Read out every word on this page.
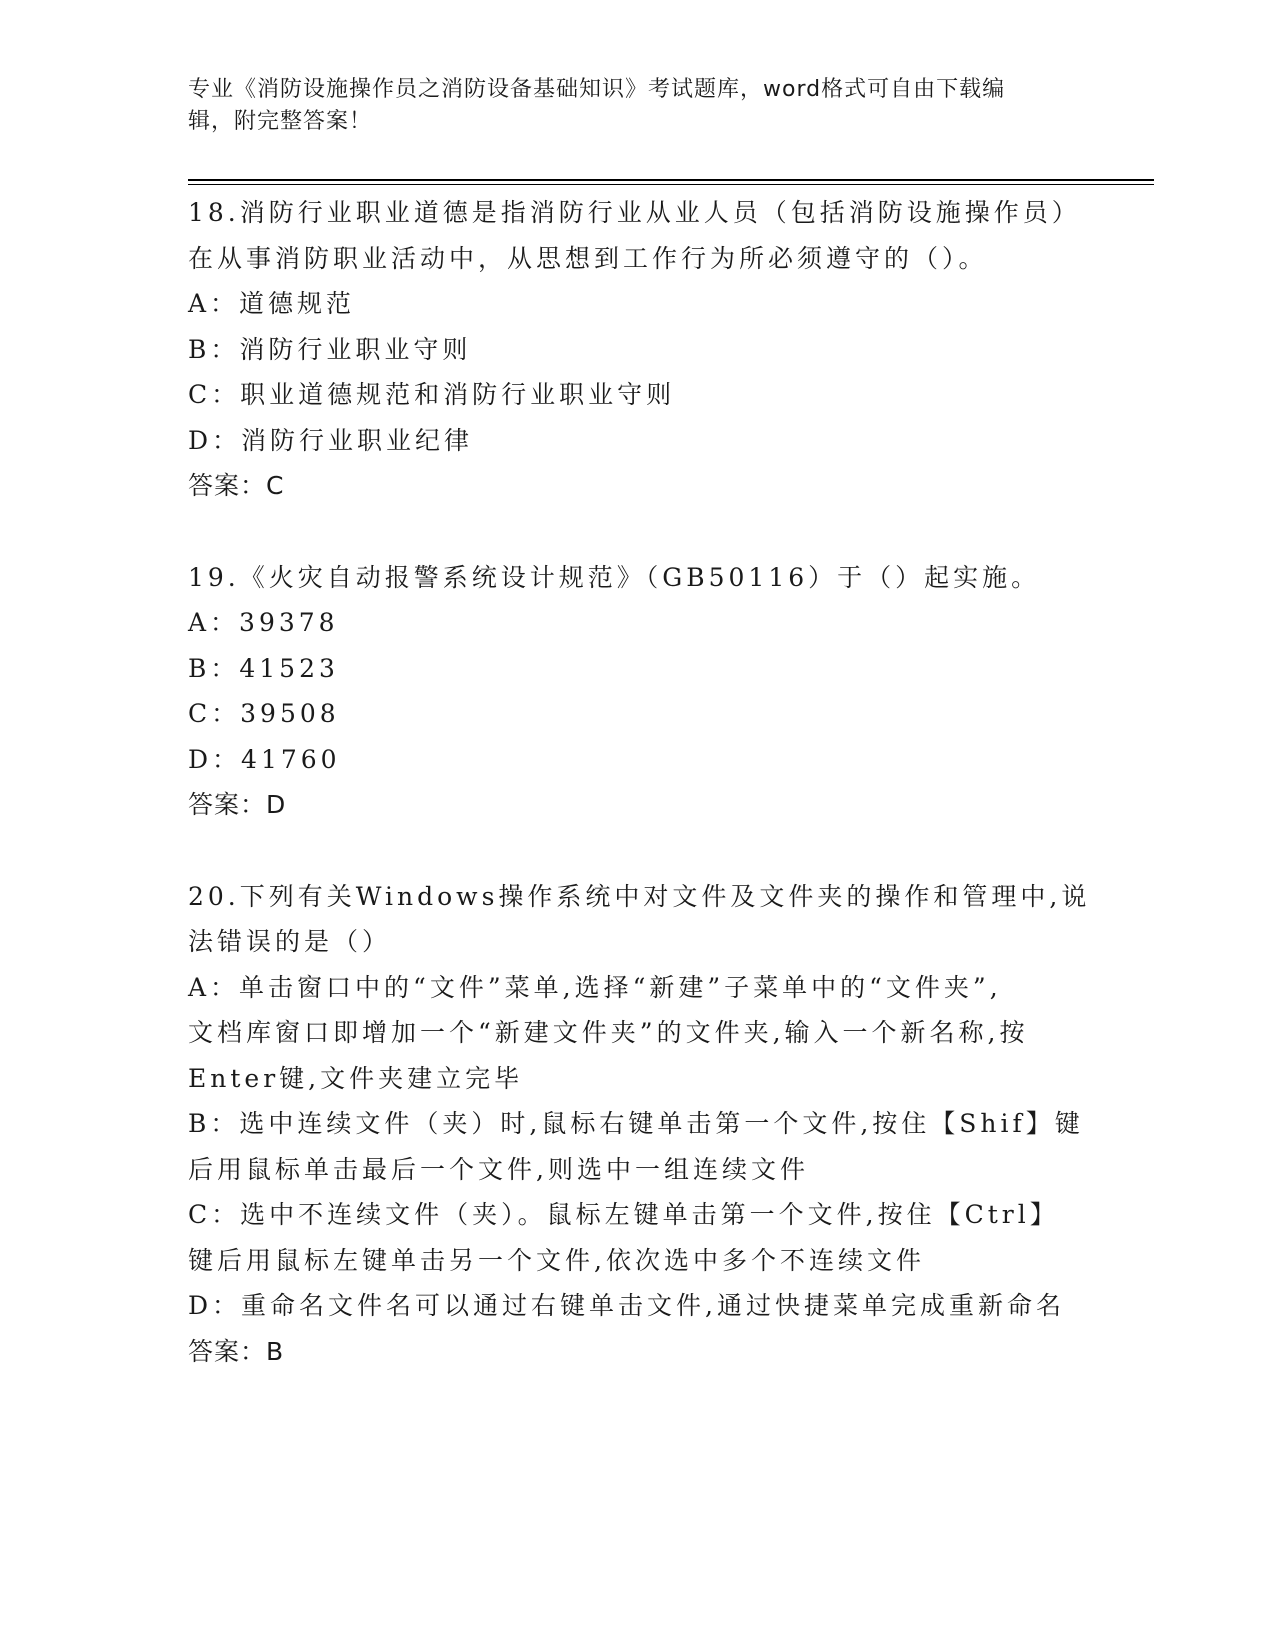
专业《消防设施操作员之消防设备基础知识》考试题库，word格式可自由下载编
辑，附完整答案！
18.消防行业职业道德是指消防行业从业人员（包括消防设施操作员）
在从事消防职业活动中，从思想到工作行为所必须遵守的（）。
A：道德规范
B：消防行业职业守则
C：职业道德规范和消防行业职业守则
D：消防行业职业纪律
答案：C
19.《火灾自动报警系统设计规范》（GB50116）于（）起实施。
A：39378
B：41523
C：39508
D：41760
答案：D
20.下列有关Windows操作系统中对文件及文件夹的操作和管理中,说
法错误的是（）
A：单击窗口中的“文件”菜单,选择“新建”子菜单中的“文件夹”,
文档库窗口即增加一个“新建文件夹”的文件夹,输入一个新名称,按
Enter键,文件夹建立完毕
B：选中连续文件（夹）时,鼠标右键单击第一个文件,按住【Shif】键
后用鼠标单击最后一个文件,则选中一组连续文件
C：选中不连续文件（夹）。鼠标左键单击第一个文件,按住【Ctrl】
键后用鼠标左键单击另一个文件,依次选中多个不连续文件
D：重命名文件名可以通过右键单击文件,通过快捷菜单完成重新命名
答案：B
